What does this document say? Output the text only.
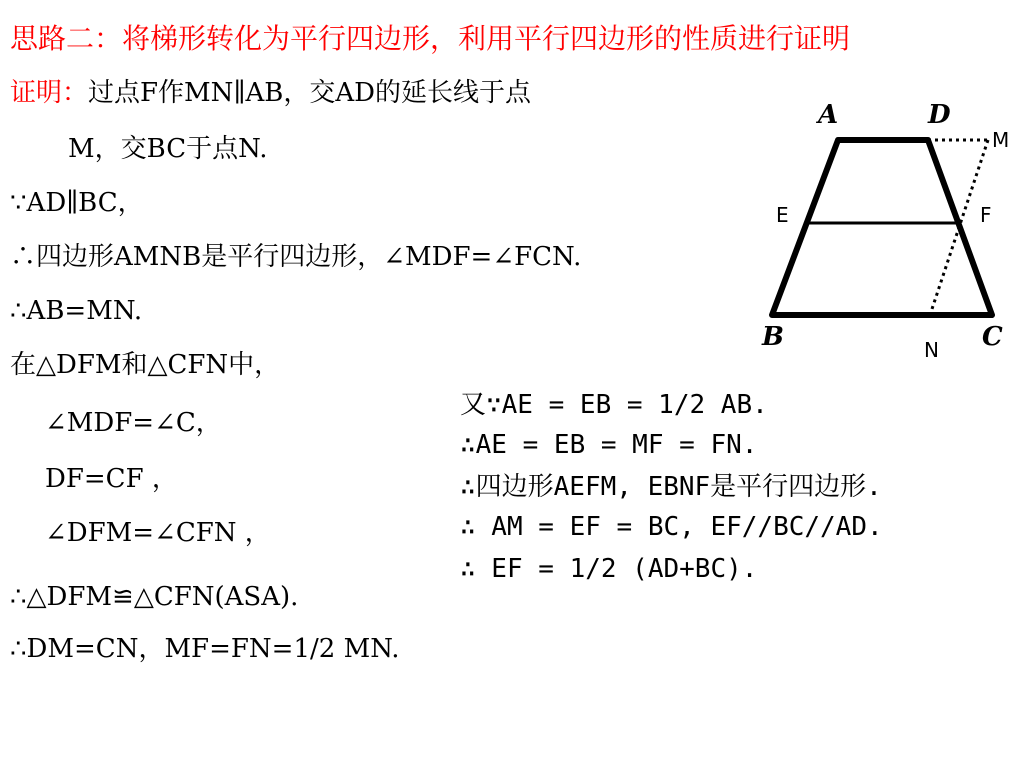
思路二：将梯形转化为平行四边形，利用平行四边形的性质进行证明
证明：过点F作MN∥AB，交AD的延长线于点
M，交BC于点N.
∵AD∥BC，
∴四边形AMNB是平行四边形，∠MDF=∠FCN.
∴AB=MN.
在△DFM和△CFN中，
∠MDF=∠C，
DF=CF ，
∠DFM=∠CFN ，
∴△DFM≌△CFN(ASA).
∴DM=CN，MF=FN=1/2 MN.
又∵AE = EB = 1/2 AB.
∴AE = EB = MF = FN.
∴四边形AEFM, EBNF是平行四边形.
∴ AM = EF = BC, EF//BC//AD.
∴ EF = 1/2 (AD+BC).
A	D
M
E	F
B	C
N
